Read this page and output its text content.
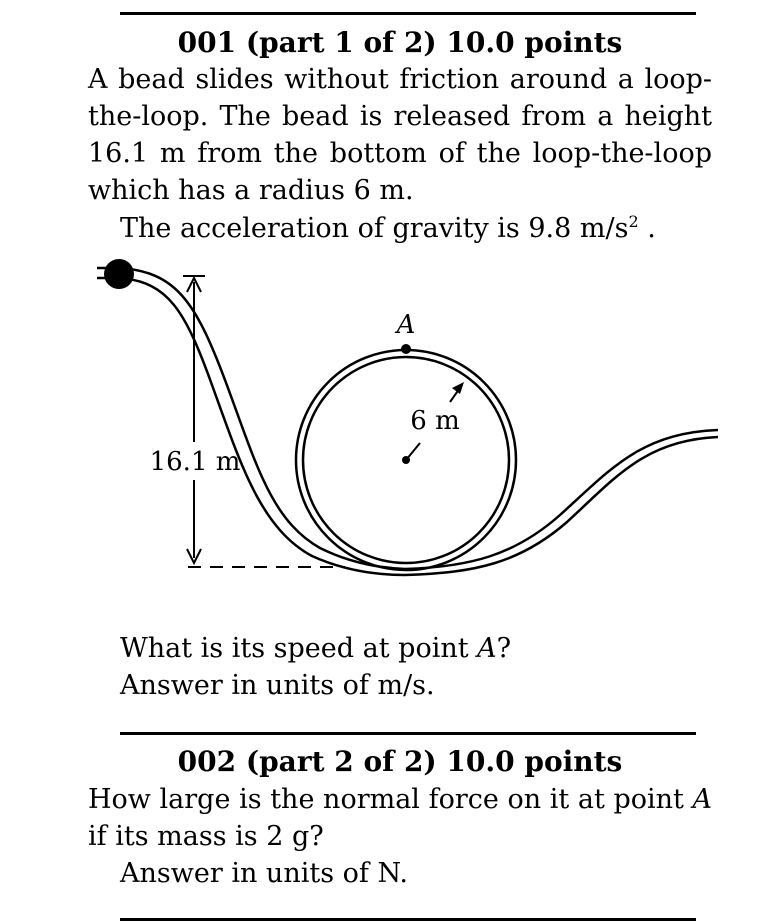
001 (part 1 of 2) 10.0 points
A bead slides without friction around a loop-
the-loop. The bead is released from a height
16.1 m from the bottom of the loop-the-loop
which has a radius 6 m.
The acceleration of gravity is 9.8 $m/s^2$ .
A
6 m
16.1 m
What is its speed at point A?
Answer in units of m/s.
002 (part 2 of 2) 10.0 points
How large is the normal force on it at point A
if its mass is 2 g?
Answer in units of N.
